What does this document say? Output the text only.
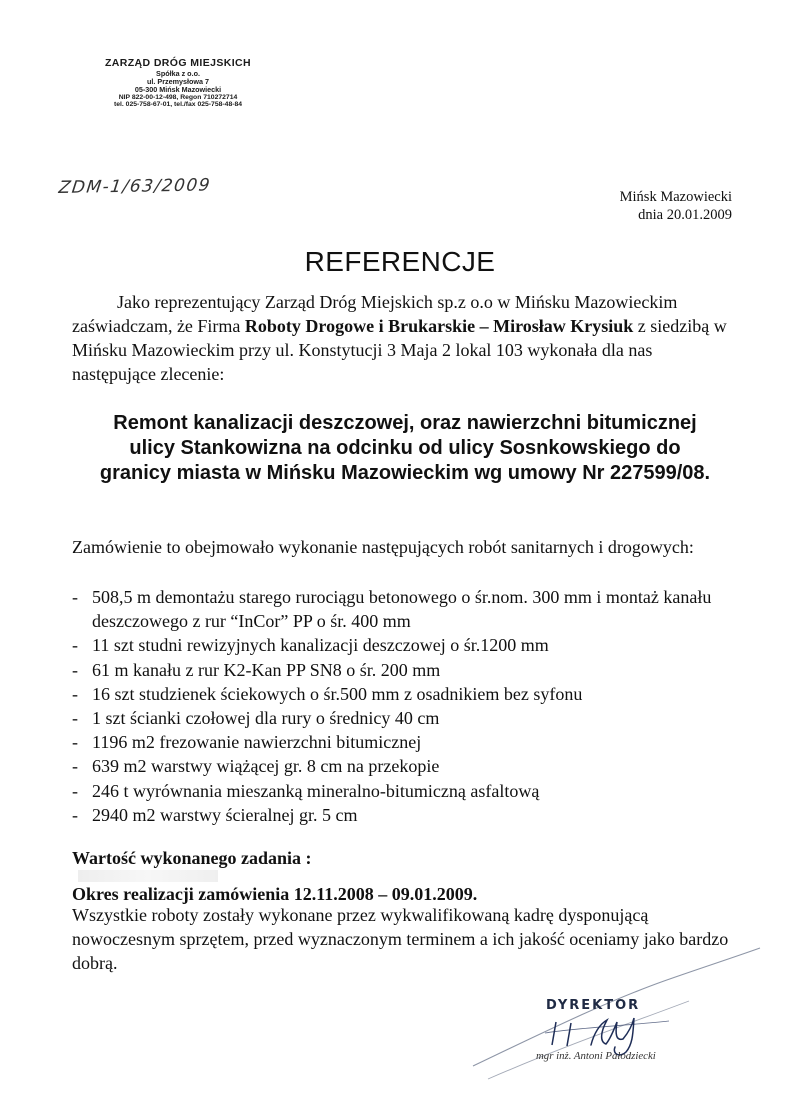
ZARZĄD DRÓG MIEJSKICH
Spółka z o.o.
ul. Przemysłowa 7
05-300 Mińsk Mazowiecki
NIP 822-00-12-498, Regon 710272714
tel. 025-758-67-01, tel./fax 025-758-48-84
ZDM-1/63/2009	Mińsk Mazowiecki
dnia 20.01.2009
REFERENCJE

Jako reprezentujący Zarząd Dróg Miejskich sp.z o.o w Mińsku Mazowieckim zaświadczam, że Firma Roboty Drogowe i Brukarskie – Mirosław Krysiuk z siedzibą w Mińsku Mazowieckim przy ul. Konstytucji 3 Maja 2 lokal 103 wykonała dla nas następujące zlecenie:

Remont kanalizacji deszczowej, oraz nawierzchni bitumicznej ulicy Stankowizna na odcinku od ulicy Sosnkowskiego do granicy miasta w Mińsku Mazowieckim wg umowy Nr 227599/08.

Zamówienie to obejmowało wykonanie następujących robót sanitarnych i drogowych:

- 508,5 m demontażu starego rurociągu betonowego o śr.nom. 300 mm i montaż kanału deszczowego z rur “InCor” PP o śr. 400 mm
- 11 szt studni rewizyjnych kanalizacji deszczowej o śr.1200 mm
- 61 m kanału z rur K2-Kan PP SN8 o śr. 200 mm
- 16 szt studzienek ściekowych o śr.500 mm z osadnikiem bez syfonu
- 1 szt ścianki czołowej dla rury o średnicy 40 cm
- 1196 m2 frezowanie nawierzchni bitumicznej
- 639 m2 warstwy wiążącej gr. 8 cm na przekopie
- 246 t wyrównania mieszanką mineralno-bitumiczną asfaltową
- 2940 m2 warstwy ścieralnej gr. 5 cm
Wartość wykonanego zadania :
Okres realizacji zamówienia 12.11.2008 – 09.01.2009.

Wszystkie roboty zostały wykonane przez wykwalifikowaną kadrę dysponującą nowoczesnym sprzętem, przed wyznaczonym terminem a ich jakość oceniamy jako bardzo dobrą.

DYREKTOR
mgr inż. Antoni Pałodziecki
